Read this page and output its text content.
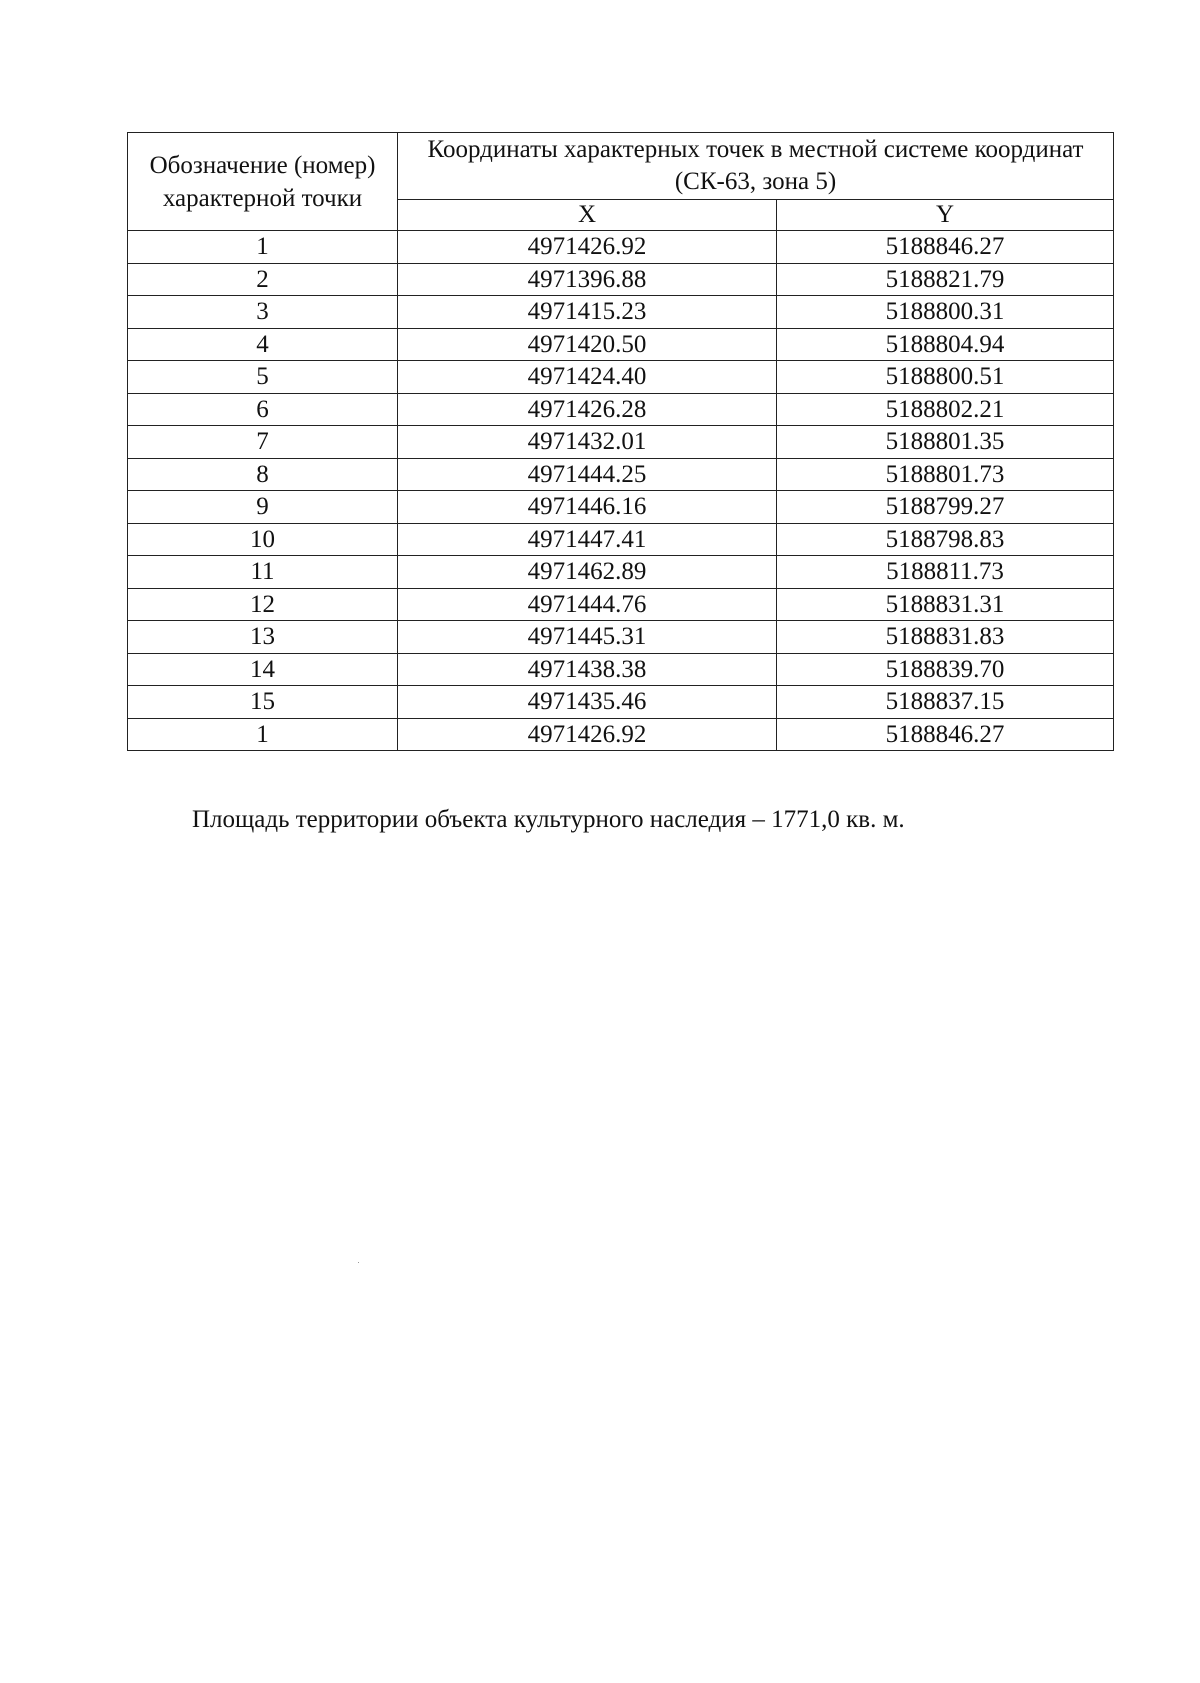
Обозначение (номер) характерной точки	Координаты характерных точек в местной системе координат (СК-63, зона 5)	
	X	Y
1	4971426.92	5188846.27
2	4971396.88	5188821.79
3	4971415.23	5188800.31
4	4971420.50	5188804.94
5	4971424.40	5188800.51
6	4971426.28	5188802.21
7	4971432.01	5188801.35
8	4971444.25	5188801.73
9	4971446.16	5188799.27
10	4971447.41	5188798.83
11	4971462.89	5188811.73
12	4971444.76	5188831.31
13	4971445.31	5188831.83
14	4971438.38	5188839.70
15	4971435.46	5188837.15
1	4971426.92	5188846.27
Площадь территории объекта культурного наследия – 1771,0 кв. м.
